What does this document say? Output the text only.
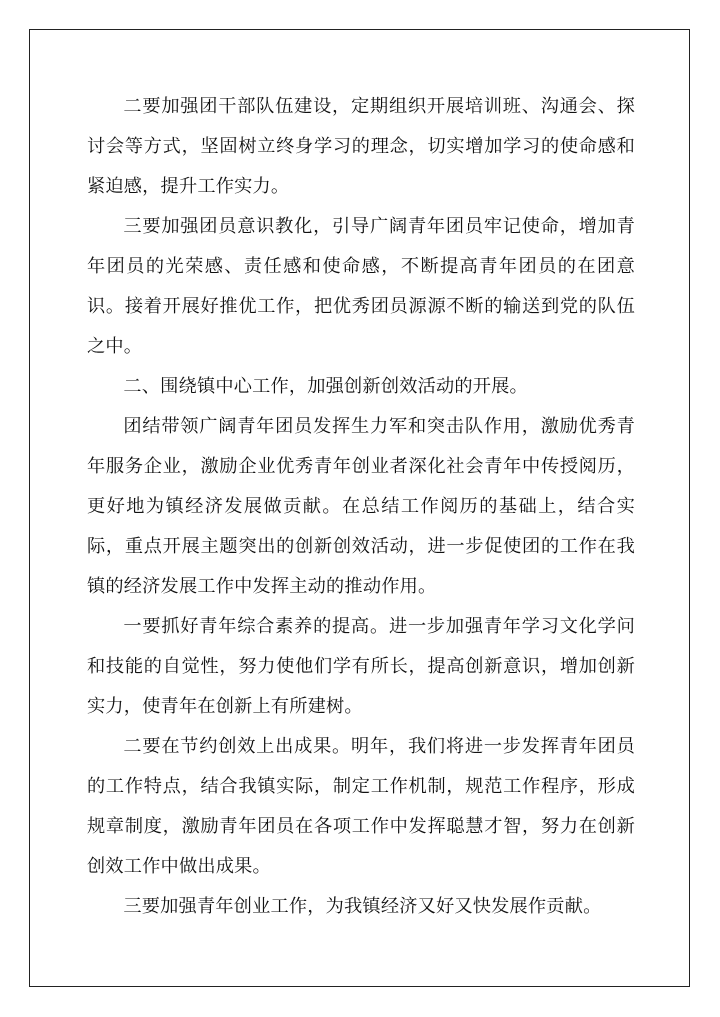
二要加强团干部队伍建设，定期组织开展培训班、沟通会、探讨会等方式，坚固树立终身学习的理念，切实增加学习的使命感和紧迫感，提升工作实力。

三要加强团员意识教化，引导广阔青年团员牢记使命，增加青年团员的光荣感、责任感和使命感，不断提高青年团员的在团意识。接着开展好推优工作，把优秀团员源源不断的输送到党的队伍之中。

二、围绕镇中心工作，加强创新创效活动的开展。

团结带领广阔青年团员发挥生力军和突击队作用，激励优秀青年服务企业，激励企业优秀青年创业者深化社会青年中传授阅历，更好地为镇经济发展做贡献。在总结工作阅历的基础上，结合实际，重点开展主题突出的创新创效活动，进一步促使团的工作在我镇的经济发展工作中发挥主动的推动作用。

一要抓好青年综合素养的提高。进一步加强青年学习文化学问和技能的自觉性，努力使他们学有所长，提高创新意识，增加创新实力，使青年在创新上有所建树。

二要在节约创效上出成果。明年，我们将进一步发挥青年团员的工作特点，结合我镇实际，制定工作机制，规范工作程序，形成规章制度，激励青年团员在各项工作中发挥聪慧才智，努力在创新创效工作中做出成果。

三要加强青年创业工作，为我镇经济又好又快发展作贡献。
